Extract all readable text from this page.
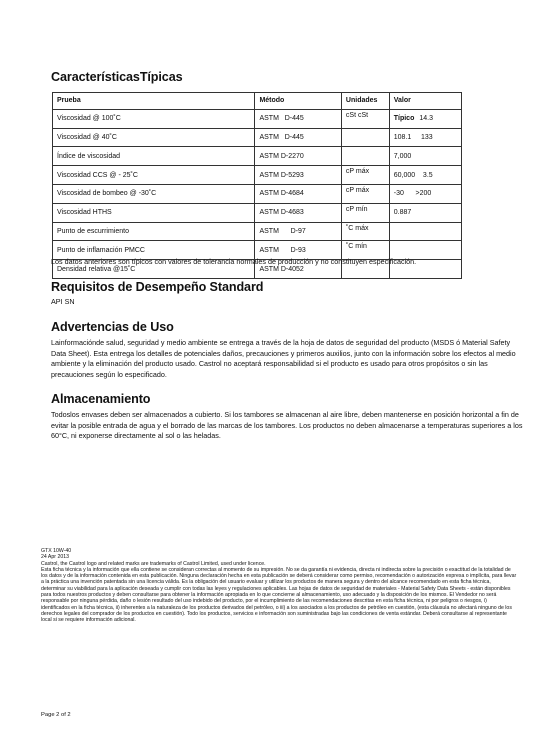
CaracterísticasTípicas
Prueba	Método	Unidades	Valor
Viscosidad @ 100˚C	ASTM   D-445	cSt cSt	Típico 14.3
Viscosidad @ 40˚C	ASTM   D-445		108.1     133
Índice de viscosidad	ASTM D-2270		7,000
Viscosidad CCS @ - 25˚C	ASTM D-5293	cP máx	60,000    3.5
Viscosidad de bombeo @ -30˚C	ASTM D-4684	cP máx	-30      >200
Viscosidad HTHS	ASTM D-4683	cP mín	0.887
Punto de escurrimiento	ASTM      D-97	˚C máx	
Punto de inflamación PMCC	ASTM      D-93	˚C mín	
Densidad relativa @15˚C	ASTM D-4052		
Los datos anteriores son típicos con valores de tolerancia normales de producción y no constituyen especificación.
Requisitos de Desempeño Standard
API SN
Advertencias de Uso
Lainformaciónde salud, seguridad y medio ambiente se entrega a través de la hoja de datos de seguridad del producto (MSDS ó Material Safety Data Sheet). Esta entrega los detalles de potenciales daños, precauciones y primeros auxilios, junto con la información sobre los efectos al medio ambiente y la eliminación del producto usado. Castrol no aceptará responsabilidad si el producto es usado para otros propósitos o sin las precauciones según lo especificado.
Almacenamiento
Todoslos envases deben ser almacenados a cubierto. Si los tambores se almacenan al aire libre, deben mantenerse en posición horizontal a fin de evitar la posible entrada de agua y el borrado de las marcas de los tambores. Los productos no deben almacenarse a temperaturas superiores a los 60°C, ni exponerse directamente al sol o las heladas.
GTX 10W-40
24 Apr 2013
Castrol, the Castrol logo and related marks are trademarks of Castrol Limited, used under licence.
Esta ficha técnica y la información que ella contiene se consideran correctas al momento de su impresión. No se da garantía ni evidencia, directa ni indirecta sobre la precisión o exactitud de la totalidad de los datos y de la información contenida en esta publicación. Ninguna declaración hecha en esta publicación se deberá considerar como permiso, recomendación o autorización expresa o implícita, para llevar a la práctica una invención patentada sin una licencia válida. Es la obligación del usuario evaluar y utilizar los productos de manera segura y dentro del alcance recomendado en esta ficha técnica, determinar su viabilidad para la aplicación deseada y cumplir con todas las leyes y regulaciones aplicables. Las hojas de datos de seguridad de materiales - Material Safety Data Sheets - están disponibles para todos nuestros productos y deben consultarse para obtener la información apropiada en lo que concierne al almacenamiento, uso adecuado y la disposición de los mismos. El Vendedor no será responsable por ninguna pérdida, daño o lesión resultado del uso indebido del producto, por el incumplimiento de las recomendaciones descritas en esta ficha técnica, ni por peligros o riesgos, i) identificados en la ficha técnica, ii) inherentes a la naturaleza de los productos derivados del petróleo, o iii) a los asociados a los productos de petróleo en cuestión, (esta cláusula no afectará ninguno de los derechos legales del comprador de los productos en cuestión). Todo los productos, servicios e información son suministradas bajo las condiciones de venta estándar. Deberá consultarse al representante local si se requiere información adicional.
Page 2 of 2
